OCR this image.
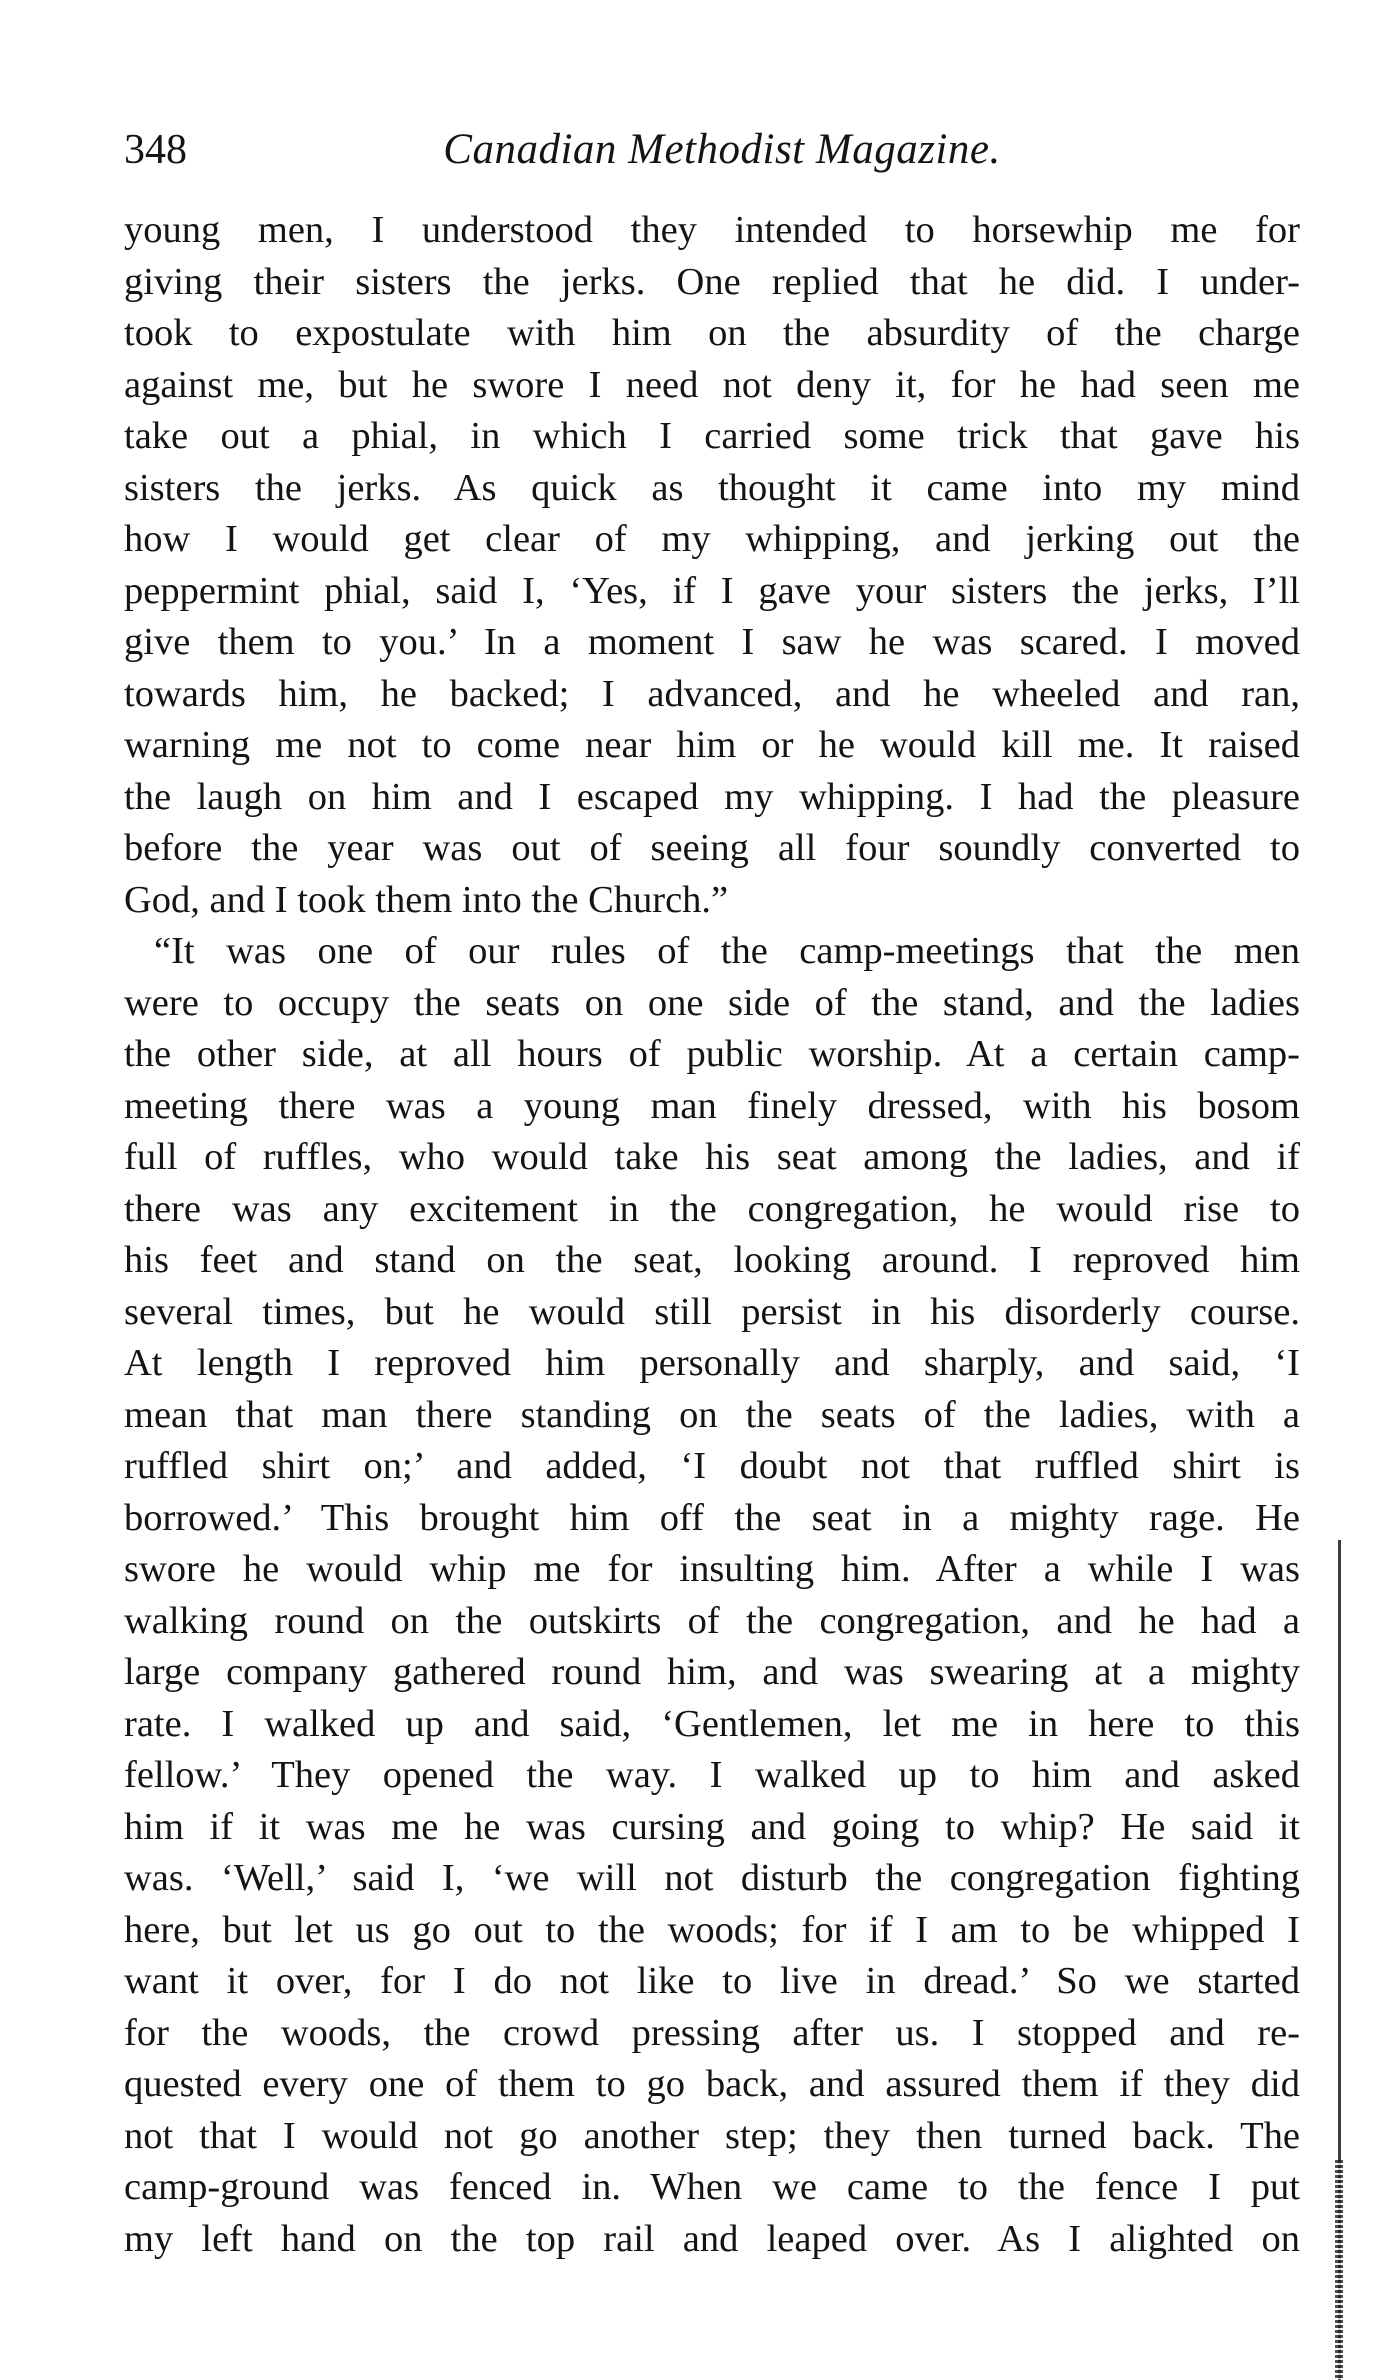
348	Canadian Methodist Magazine.
young men, I understood they intended to horsewhip me for
giving their sisters the jerks. One replied that he did. I under-
took to expostulate with him on the absurdity of the charge
against me, but he swore I need not deny it, for he had seen me
take out a phial, in which I carried some trick that gave his
sisters the jerks. As quick as thought it came into my mind
how I would get clear of my whipping, and jerking out the
peppermint phial, said I, ‘Yes, if I gave your sisters the jerks, I’ll
give them to you.’ In a moment I saw he was scared. I moved
towards him, he backed; I advanced, and he wheeled and ran,
warning me not to come near him or he would kill me. It raised
the laugh on him and I escaped my whipping. I had the pleasure
before the year was out of seeing all four soundly converted to
God, and I took them into the Church.”
“It was one of our rules of the camp-meetings that the men
were to occupy the seats on one side of the stand, and the ladies
the other side, at all hours of public worship. At a certain camp-
meeting there was a young man finely dressed, with his bosom
full of ruffles, who would take his seat among the ladies, and if
there was any excitement in the congregation, he would rise to
his feet and stand on the seat, looking around. I reproved him
several times, but he would still persist in his disorderly course.
At length I reproved him personally and sharply, and said, ‘I
mean that man there standing on the seats of the ladies, with a
ruffled shirt on;’ and added, ‘I doubt not that ruffled shirt is
borrowed.’ This brought him off the seat in a mighty rage. He
swore he would whip me for insulting him. After a while I was
walking round on the outskirts of the congregation, and he had a
large company gathered round him, and was swearing at a mighty
rate. I walked up and said, ‘Gentlemen, let me in here to this
fellow.’ They opened the way. I walked up to him and asked
him if it was me he was cursing and going to whip? He said it
was. ‘Well,’ said I, ‘we will not disturb the congregation fighting
here, but let us go out to the woods; for if I am to be whipped I
want it over, for I do not like to live in dread.’ So we started
for the woods, the crowd pressing after us. I stopped and re-
quested every one of them to go back, and assured them if they did
not that I would not go another step; they then turned back. The
camp-ground was fenced in. When we came to the fence I put
my left hand on the top rail and leaped over. As I alighted on
